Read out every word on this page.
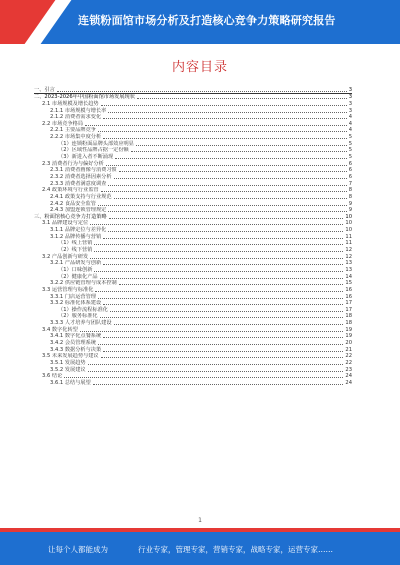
连锁粉面馆市场分析及打造核心竞争力策略研究报告
内容目录
一、引言	3
二、2023-2026年中国粉面馆市场发展现状	3
2.1 市场规模及增长趋势	3
2.1.1 市场规模与增长率	3
2.1.2 消费者需求变化	4
2.2 市场竞争格局	4
2.2.1 主要品牌竞争	4
2.2.2 市场集中度分析	5
（1）连锁粉面品牌头部效应明显	5
（2）区域性品牌占据一定份额	5
（3）新进入者不断涌现	5
2.3 消费者行为与偏好分析	6
2.3.1 消费者画像与消费习惯	6
2.3.2 消费者选择因素分析	6
2.3.3 消费者满意度调查	7
2.4 政策环境与行业监管	8
2.4.1 政策支持与行业规范	8
2.4.2 食品安全监管	9
2.4.3 加盟连锁管理规定	9
三、粉面馆核心竞争力打造策略	10
3.1 品牌建设与定位	10
3.1.1 品牌定位与差异化	10
3.1.2 品牌传播与营销	11
（1）线上营销	11
（2）线下营销	12
3.2 产品创新与研发	12
3.2.1 产品研发与创新	13
（1）口味创新	13
（2）健康化产品	14
3.2.2 供应链管理与成本控制	15
3.3 运营管理与标准化	16
3.3.1 门店运营管理	16
3.3.2 标准化体系建设	17
（1）操作流程标准化	17
（2）服务标准化	18
3.3.3 人才培养与团队建设	18
3.4 数字化转型	19
3.4.1 数字化点餐系统	19
3.4.2 会员管理系统	20
3.4.3 数据分析与决策	21
3.5 未来发展趋势与建议	22
3.5.1 发展趋势	22
3.5.2 发展建议	23
3.6 结论	24
3.6.1 总结与展望	24
1
让每个人都能成为	行业专家，管理专家，营销专家，战略专家，运营专家……
